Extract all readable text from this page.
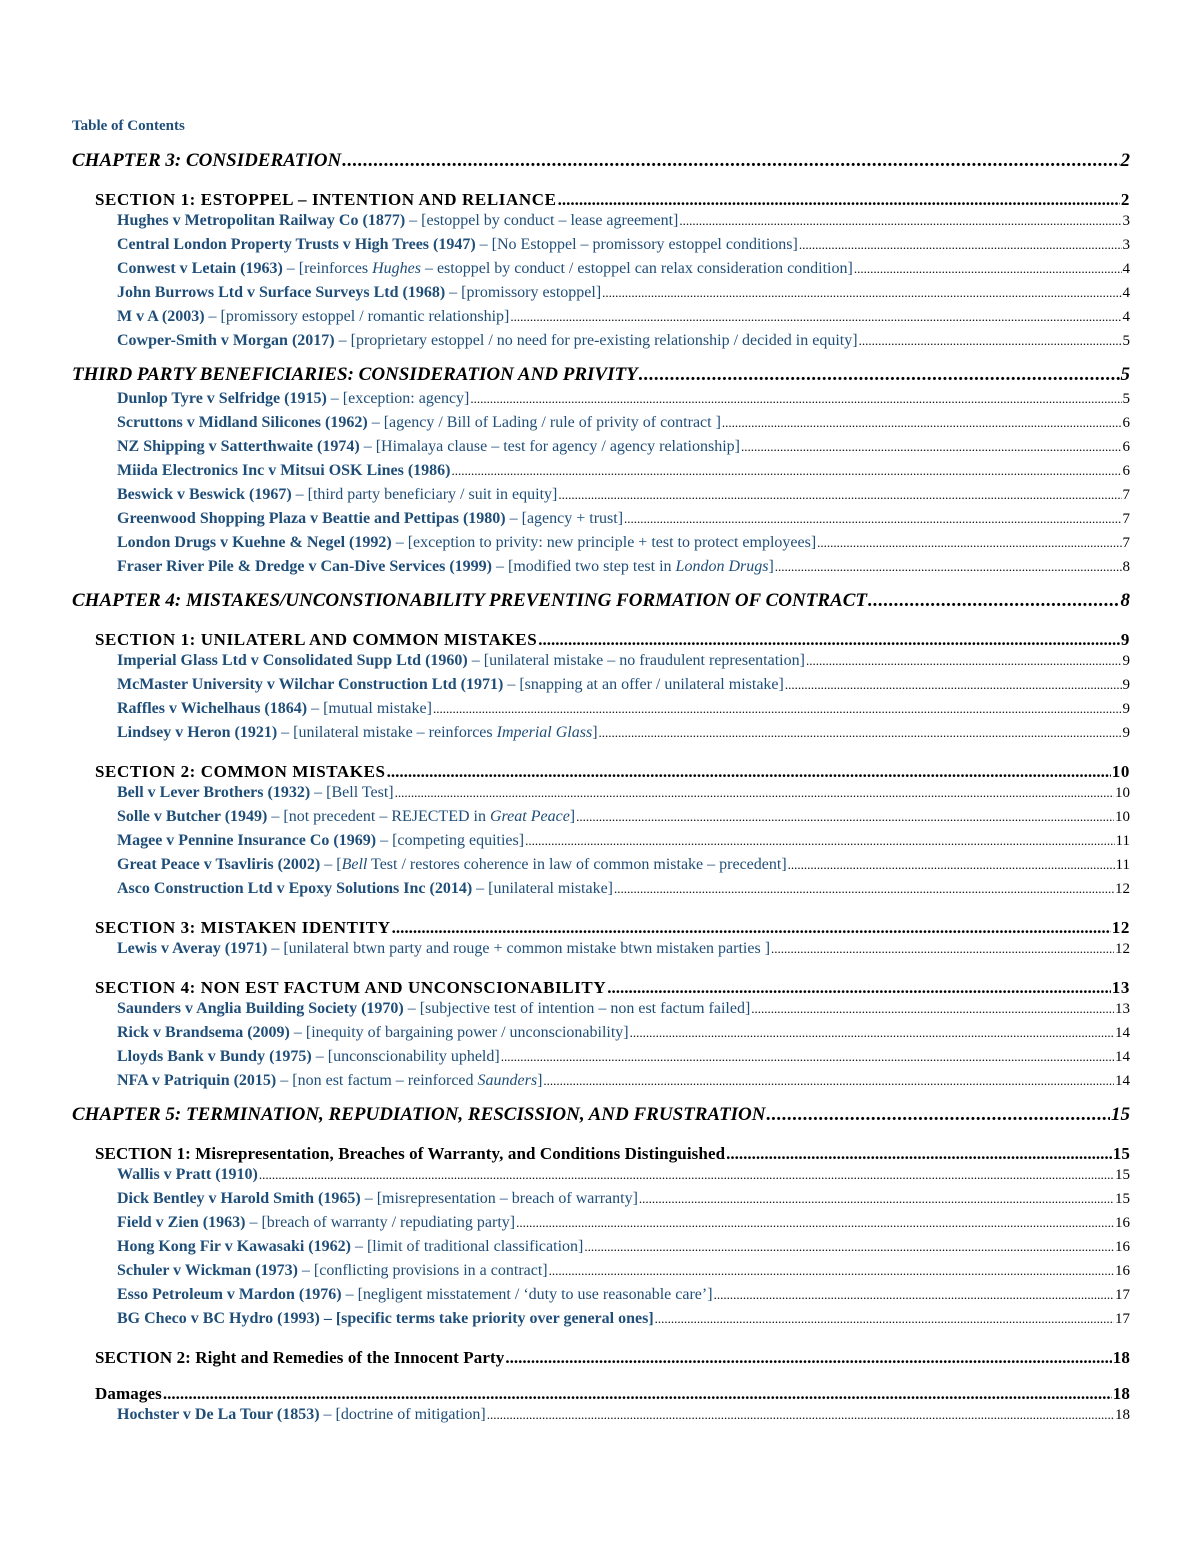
Table of Contents
CHAPTER 3: CONSIDERATION .....	2
SECTION 1: ESTOPPEL – INTENTION AND RELIANCE .....	2
Hughes v Metropolitan Railway Co (1877) – [estoppel by conduct – lease agreement] .....	3
Central London Property Trusts v High Trees (1947) – [No Estoppel – promissory estoppel conditions] .....	3
Conwest v Letain (1963) – [reinforces Hughes – estoppel by conduct / estoppel can relax consideration condition] .....	4
John Burrows Ltd v Surface Surveys Ltd (1968) – [promissory estoppel] .....	4
M v A (2003) – [promissory estoppel / romantic relationship] .....	4
Cowper-Smith v Morgan (2017) – [proprietary estoppel / no need for pre-existing relationship / decided in equity] .....	5
THIRD PARTY BENEFICIARIES: CONSIDERATION AND PRIVITY .....	5
Dunlop Tyre v Selfridge (1915) – [exception: agency] .....	5
Scruttons v Midland Silicones (1962) – [agency / Bill of Lading / rule of privity of contract ] .....	6
NZ Shipping v Satterthwaite (1974) – [Himalaya clause – test for agency / agency relationship] .....	6
Miida Electronics Inc v Mitsui OSK Lines (1986) .....	6
Beswick v Beswick (1967) – [third party beneficiary / suit in equity] .....	7
Greenwood Shopping Plaza v Beattie and Pettipas (1980) – [agency + trust] .....	7
London Drugs v Kuehne & Negel (1992) – [exception to privity: new principle + test to protect employees] .....	7
Fraser River Pile & Dredge v Can-Dive Services (1999) – [modified two step test in London Drugs] .....	8
CHAPTER 4: MISTAKES/UNCONSTIONABILITY PREVENTING FORMATION OF CONTRACT .....	8
SECTION 1: UNILATERL AND COMMON MISTAKES .....	9
Imperial Glass Ltd v Consolidated Supp Ltd (1960) – [unilateral mistake – no fraudulent representation] .....	9
McMaster University v Wilchar Construction Ltd (1971) – [snapping at an offer / unilateral mistake] .....	9
Raffles v Wichelhaus (1864) – [mutual mistake] .....	9
Lindsey v Heron (1921) – [unilateral mistake – reinforces Imperial Glass] .....	9
SECTION 2: COMMON MISTAKES .....	10
Bell v Lever Brothers (1932) – [Bell Test] .....	10
Solle v Butcher (1949) – [not precedent – REJECTED in Great Peace] .....	10
Magee v Pennine Insurance Co (1969) – [competing equities] .....	11
Great Peace v Tsavliris (2002) – [Bell Test / restores coherence in law of common mistake – precedent] .....	11
Asco Construction Ltd v Epoxy Solutions Inc (2014) – [unilateral mistake] .....	12
SECTION 3: MISTAKEN IDENTITY .....	12
Lewis v Averay (1971) – [unilateral btwn party and rouge + common mistake btwn mistaken parties ] .....	12
SECTION 4: NON EST FACTUM AND UNCONSCIONABILITY .....	13
Saunders v Anglia Building Society (1970) – [subjective test of intention – non est factum failed] .....	13
Rick v Brandsema (2009) – [inequity of bargaining power / unconscionability] .....	14
Lloyds Bank v Bundy (1975) – [unconscionability upheld] .....	14
NFA v Patriquin (2015) – [non est factum – reinforced Saunders] .....	14
CHAPTER 5: TERMINATION, REPUDIATION, RESCISSION, AND FRUSTRATION .....	15
SECTION 1: Misrepresentation, Breaches of Warranty, and Conditions Distinguished .....	15
Wallis v Pratt (1910) .....	15
Dick Bentley v Harold Smith (1965) – [misrepresentation – breach of warranty] .....	15
Field v Zien (1963) – [breach of warranty / repudiating party] .....	16
Hong Kong Fir v Kawasaki (1962) – [limit of traditional classification] .....	16
Schuler v Wickman (1973) – [conflicting provisions in a contract] .....	16
Esso Petroleum v Mardon (1976) – [negligent misstatement / ‘duty to use reasonable care’] .....	17
BG Checo v BC Hydro (1993) – [specific terms take priority over general ones] .....	17
SECTION 2: Right and Remedies of the Innocent Party .....	18
Damages .....	18
Hochster v De La Tour (1853) – [doctrine of mitigation] .....	18
